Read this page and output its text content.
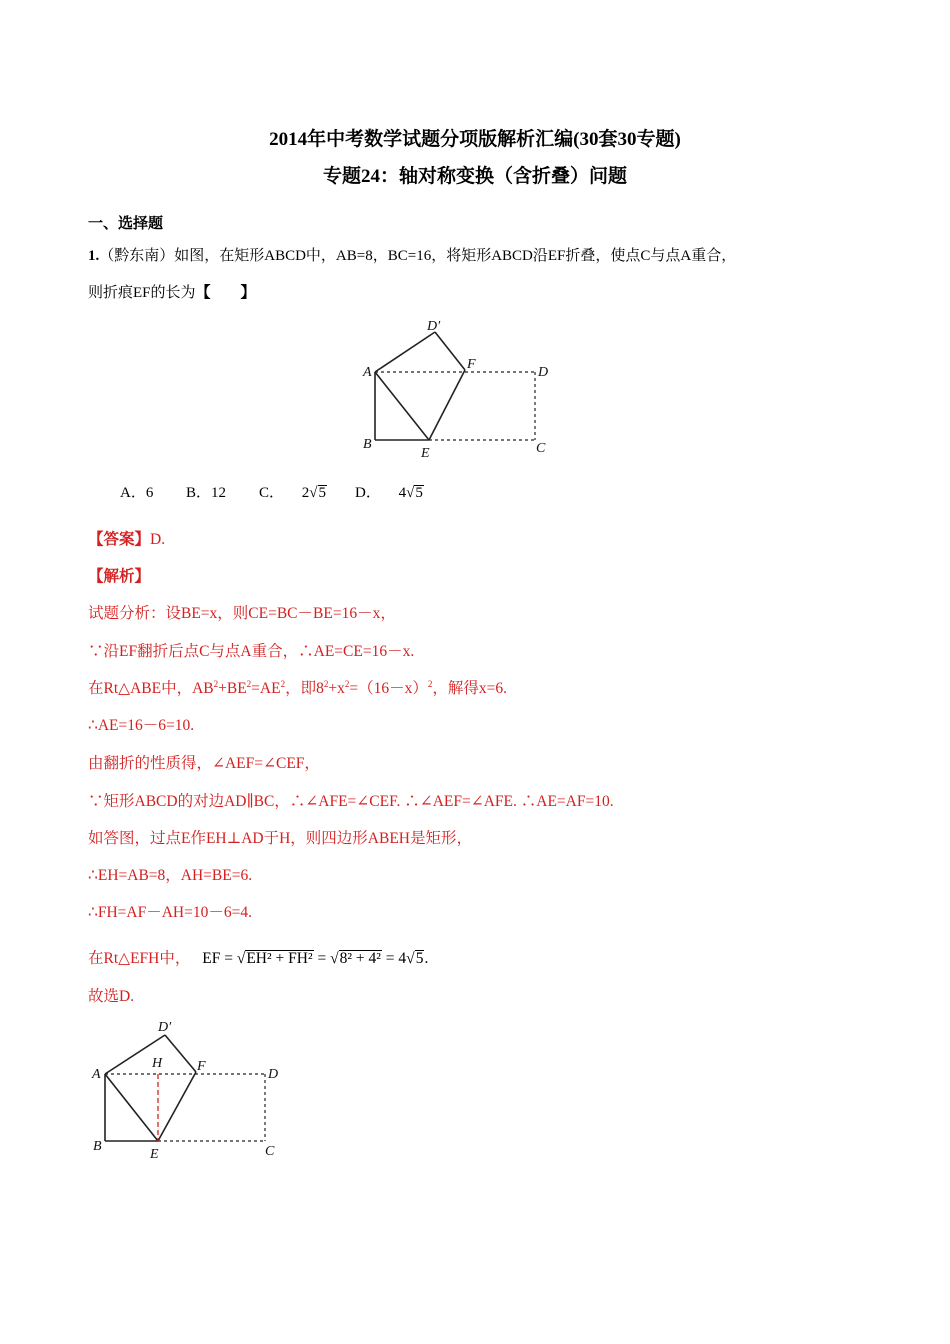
2014年中考数学试题分项版解析汇编(30套30专题)
专题24：轴对称变换（含折叠）问题
一、选择题
1.（黔东南）如图，在矩形ABCD中，AB=8，BC=16，将矩形ABCD沿EF折叠，使点C与点A重合，
则折痕EF的长为【　　】
A
B	C
D
D′
E
F
A．6 B．12 C． 2√5 D． 4√5
【答案】D.
【解析】
试题分析：设BE=x，则CE=BC－BE=16－x，
∵沿EF翻折后点C与点A重合，∴AE=CE=16－x.
在Rt△ABE中，$AB^2+BE^2=AE^2$，即$8^2+x^2=(16-x)^2$，解得x=6.
∴AE=16－6=10.
由翻折的性质得，∠AEF=∠CEF，
∵矩形ABCD的对边AD∥BC，∴∠AFE=∠CEF. ∴∠AEF=∠AFE. ∴AE=AF=10.
如答图，过点E作EH⊥AD于H，则四边形ABEH是矩形，
∴EH=AB=8，AH=BE=6.
∴FH=AF－AH=10－6=4.
在Rt△EFH中， EF = √EH² + FH² = √8² + 4² = 4√5.
故选D.
A
B	C
D
D′
E
F
H
